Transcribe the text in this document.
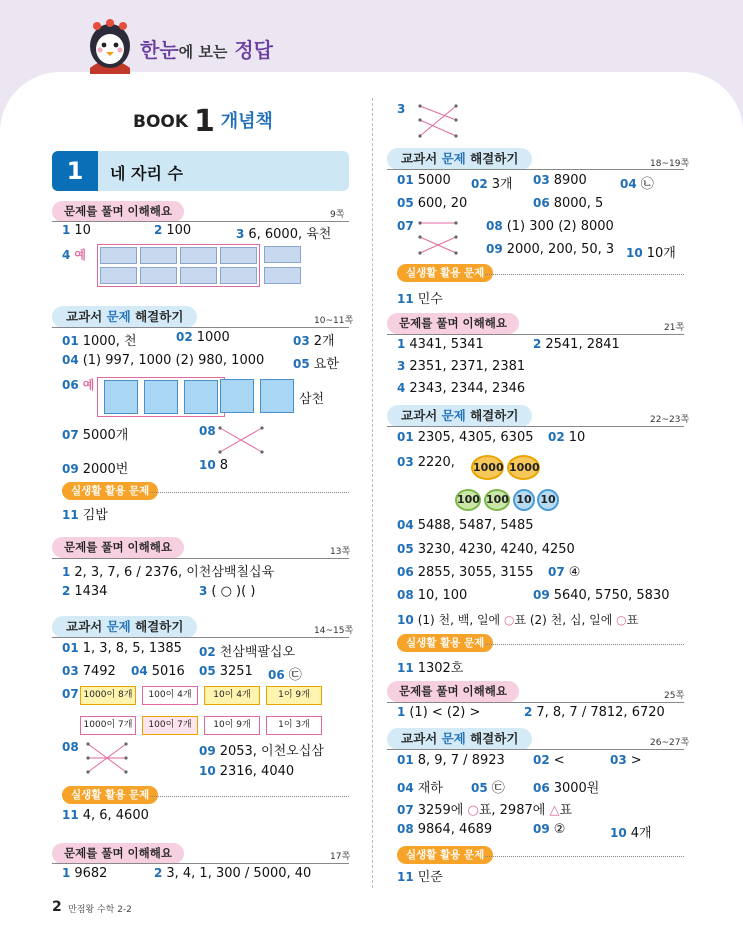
한눈에 보는 정답
BOOK 1 개념책
1	네 자리 수
문제를 풀며 이해해요	9쪽
1 10	2 100	3 6, 6000, 육천
4 예
교과서 문제 해결하기	10~11쪽
01 1000, 천	02 1000	03 2개
04 (1) 997, 1000 (2) 980, 1000 05 요한
06 예
삼천
07 5000개	08
09 2000번	10 8
실생활 활용 문제
11 김밥
문제를 풀며 이해해요	13쪽
1 2, 3, 7, 6 / 2376, 이천삼백칠십육
2 1434	3 ( ○ )( )
교과서 문제 해결하기	14~15쪽
01 1, 3, 8, 5, 1385 02 천삼백팔십오
03 7492 04 5016 05 3251 06 ㉢
07 1000이 8개	100이 4개	10이 4개	1이 9개
1000이 7개	100이 7개	10이 9개	1이 3개
08	09 2053, 이천오십삼
10 2316, 4040
실생활 활용 문제
11 4, 6, 4600
문제를 풀며 이해해요	17쪽
1 9682	2 3, 4, 1, 300 / 5000, 40
3
교과서 문제 해결하기	18~19쪽
01 5000 02 3개 03 8900	04 ㉡
05 600, 20	06 8000, 5
07	08 (1) 300 (2) 8000
09 2000, 200, 50, 3 10 10개
실생활 활용 문제
11 민수
문제를 풀며 이해해요	21쪽
1 4341, 5341	2 2541, 2841
3 2351, 2371, 2381
4 2343, 2344, 2346
교과서 문제 해결하기	22~23쪽
01 2305, 4305, 6305 02 10
03 2220, 1000 1000
100 100 10 10
04 5488, 5487, 5485
05 3230, 4230, 4240, 4250
06 2855, 3055, 3155 07 ④
08 10, 100	09 5640, 5750, 5830
10 (1) 천, 백, 일에 ○표 (2) 천, 십, 일에 ○표
실생활 활용 문제
11 1302호
문제를 풀며 이해해요	25쪽
1 (1) < (2) >	2 7, 8, 7 / 7812, 6720
교과서 문제 해결하기	26~27쪽
01 8, 9, 7 / 8923 02 <	03 >
04 재하 05 ㉢ 06 3000원
07 3259에 ○표, 2987에 △표
08 9864, 4689	09 ②	10 4개
실생활 활용 문제
11 민준
2 만점왕 수학 2-2
